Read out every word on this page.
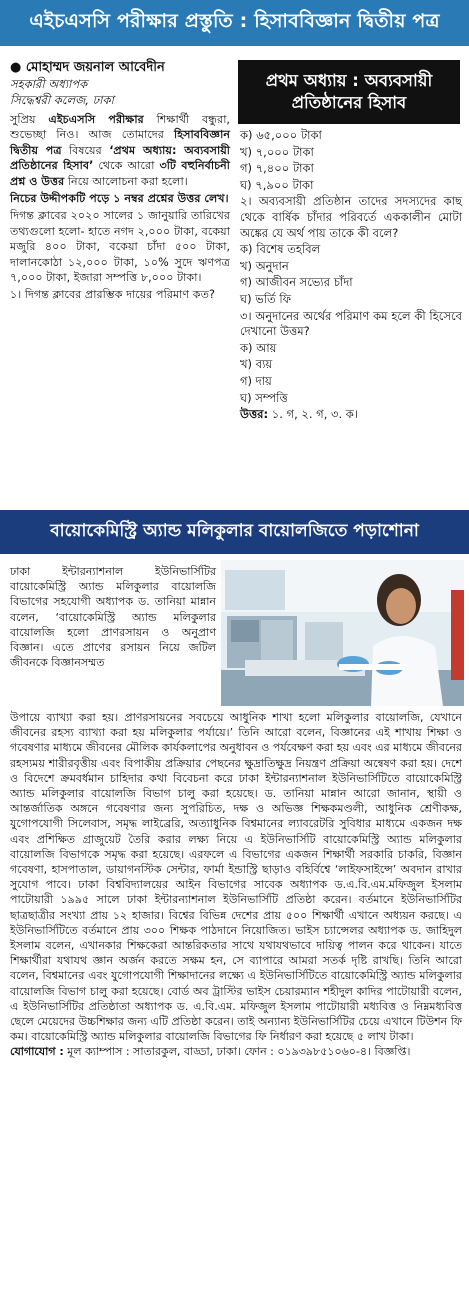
এইচএসসি পরীক্ষার প্রস্তুতি : হিসাববিজ্ঞান দ্বিতীয় পত্র
● মোহাম্মদ জয়নাল আবেদীন
সহকারী অধ্যাপক
সিদ্ধেশ্বরী কলেজ, ঢাকা

সুপ্রিয় এইচএসসি পরীক্ষার শিক্ষার্থী বন্ধুরা, শুভেচ্ছা নিও। আজ তোমাদের হিসাববিজ্ঞান দ্বিতীয় পত্র বিষয়ের ‘প্রথম অধ্যায়: অব্যবসায়ী প্রতিষ্ঠানের হিসাব’ থেকে আরো ৩টি বহুনির্বাচনী প্রশ্ন ও উত্তর নিয়ে আলোচনা করা হলো।

নিচের উদ্দীপকটি পড়ে ১ নম্বর প্রশ্নের উত্তর লেখ।

দিগন্ত ক্লাবের ২০২০ সালের ১ জানুয়ারি তারিখের তথ্যগুলো হলো- হাতে নগদ ২,০০০ টাকা, বকেয়া মজুরি ৪০০ টাকা, বকেয়া চাঁদা ৫০০ টাকা, দালানকোঠা ১২,০০০ টাকা, ১০% সুদে ঋণপত্র ৭,০০০ টাকা, ইজারা সম্পত্তি ৮,০০০ টাকা।

১। দিগন্ত ক্লাবের প্রারম্ভিক দায়ের পরিমাণ কত?

প্রথম অধ্যায় : অব্যবসায়ী
প্রতিষ্ঠানের হিসাব

ক) ৬৫,০০০ টাকা

খ) ৭,০০০ টাকা

গ) ৭,৪০০ টাকা

ঘ) ৭,৯০০ টাকা

২। অব্যবসায়ী প্রতিষ্ঠান তাদের সদস্যদের কাছ থেকে বার্ষিক চাঁদার পরিবর্তে এককালীন মোটা অঙ্কের যে অর্থ পায় তাকে কী বলে?

ক) বিশেষ তহবিল

খ) অনুদান

গ) আজীবন সভ্যের চাঁদা

ঘ) ভর্তি ফি

৩। অনুদানের অর্থের পরিমাণ কম হলে কী হিসেবে দেখানো উত্তম?

ক) আয়

খ) ব্যয়

গ) দায়

ঘ) সম্পত্তি

উত্তর: ১. গ, ২. গ, ৩. ক।

বায়োকেমিস্ট্রি অ্যান্ড মলিকুলার বায়োলজিতে পড়াশোনা
ঢাকা ইন্টারন্যাশনাল ইউনিভার্সিটির বায়োকেমিস্ট্রি অ্যান্ড মলিকুলার বায়োলজি বিভাগের সহযোগী অধ্যাপক ড. তানিয়া মান্নান বলেন, ‘বায়োকেমিস্ট্রি অ্যান্ড মলিকুলার বায়োলজি হলো প্রাণরসায়ন ও অনুপ্রাণ বিজ্ঞান। এতে প্রাণের রসায়ন নিয়ে জটিল জীবনকে বিজ্ঞানসম্মত

উপায়ে ব্যাখ্যা করা হয়। প্রাণরসায়নের সবচেয়ে আধুনিক শাখা হলো মলিকুলার বায়োলজি, যেখানে জীবনের রহস্য ব্যাখ্যা করা হয় মলিকুলার পর্যায়ে।’ তিনি আরো বলেন, বিজ্ঞানের এই শাখায় শিক্ষা ও গবেষণার মাধ্যমে জীবনের মৌলিক কার্যকলাপের অনুধাবন ও পর্যবেক্ষণ করা হয় এবং এর মাধ্যমে জীবনের রহস্যময় শারীরবৃত্তীয় এবং বিপাকীয় প্রক্রিয়ার পেছনের ক্ষুদ্রাতিক্ষুদ্র নিয়ন্ত্রণ প্রক্রিয়া অন্বেষণ করা হয়। দেশে ও বিদেশে ক্রমবর্ধমান চাহিদার কথা বিবেচনা করে ঢাকা ইন্টারন্যাশনাল ইউনিভার্সিটিতে বায়োকেমিস্ট্রি অ্যান্ড মলিকুলার বায়োলজি বিভাগ চালু করা হয়েছে। ড. তানিয়া মান্নান আরো জানান, স্থায়ী ও আন্তর্জাতিক অঙ্গনে গবেষণার জন্য সুপরিচিত, দক্ষ ও অভিজ্ঞ শিক্ষকমণ্ডলী, আধুনিক শ্রেণীকক্ষ, যুগোপযোগী সিলেবাস, সমৃদ্ধ লাইব্রেরি, অত্যাধুনিক বিশ্বমানের ল্যাবরেটরি সুবিধার মাধ্যমে একজন দক্ষ এবং প্রশিক্ষিত গ্রাজুয়েট তৈরি করার লক্ষ্য নিয়ে এ ইউনিভার্সিটি বায়োকেমিস্ট্রি অ্যান্ড মলিকুলার বায়োলজি বিভাগকে সমৃদ্ধ করা হয়েছে। এরফলে এ বিভাগের একজন শিক্ষার্থী সরকারি চাকরি, বিজ্ঞান গবেষণা, হাসপাতাল, ডায়াগনস্টিক সেন্টার, ফার্মা ইন্ডাস্ট্রি ছাড়াও বহির্বিশ্বে ‘লাইফসাইন্সে’ অবদান রাখার সুযোগ পাবে। ঢাকা বিশ্ববিদ্যালয়ের আইন বিভাগের সাবেক অধ্যাপক ড.এ.বি.এম.মফিজুল ইসলাম পাটোয়ারী ১৯৯৫ সালে ঢাকা ইন্টারন্যাশনাল ইউনিভার্সিটি প্রতিষ্ঠা করেন। বর্তমানে ইউনিভার্সিটির ছাত্রছাত্রীর সংখ্যা প্রায় ১২ হাজার। বিশ্বের বিভিন্ন দেশের প্রায় ৫০০ শিক্ষার্থী এখানে অধ্যয়ন করছে। এ ইউনিভার্সিটিতে বর্তমানে প্রায় ৩০০ শিক্ষক পাঠদানে নিয়োজিত। ভাইস চ্যান্সেলর অধ্যাপক ড. জাহিদুল ইসলাম বলেন, এখানকার শিক্ষকেরা আন্তরিকতার সাথে যথাযথভাবে দায়িত্ব পালন করে থাকেন। যাতে শিক্ষার্থীরা যথাযথ জ্ঞান অর্জন করতে সক্ষম হন, সে ব্যাপারে আমরা সতর্ক দৃষ্টি রাখছি। তিনি আরো বলেন, বিশ্বমানের এবং যুগোপযোগী শিক্ষাদানের লক্ষ্যে এ ইউনিভার্সিটিতে বায়োকেমিস্ট্রি অ্যান্ড মলিকুলার বায়োলজি বিভাগ চালু করা হয়েছে। বোর্ড অব ট্রাস্টির ভাইস চেয়ারম্যান শহীদুল কাদির পাটোয়ারী বলেন, এ ইউনিভার্সিটির প্রতিষ্ঠাতা অধ্যাপক ড. এ.বি.এম. মফিজুল ইসলাম পাটোয়ারী মধ্যবিত্ত ও নিম্নমধ্যবিত্ত ছেলে মেয়েদের উচ্চশিক্ষার জন্য এটি প্রতিষ্ঠা করেন। তাই অন্যান্য ইউনিভার্সিটির চেয়ে এখানে টিউশন ফি কম। বায়োকেমিস্ট্রি অ্যান্ড মলিকুলার বায়োলজি বিভাগের ফি নির্ধারণ করা হয়েছে ৫ লাখ টাকা।

যোগাযোগ : মূল ক্যাম্পাস : সাতারকুল, বাড্ডা, ঢাকা। ফোন : ০১৯৩৯৮৫১০৬০-৪। বিজ্ঞপ্তি।
